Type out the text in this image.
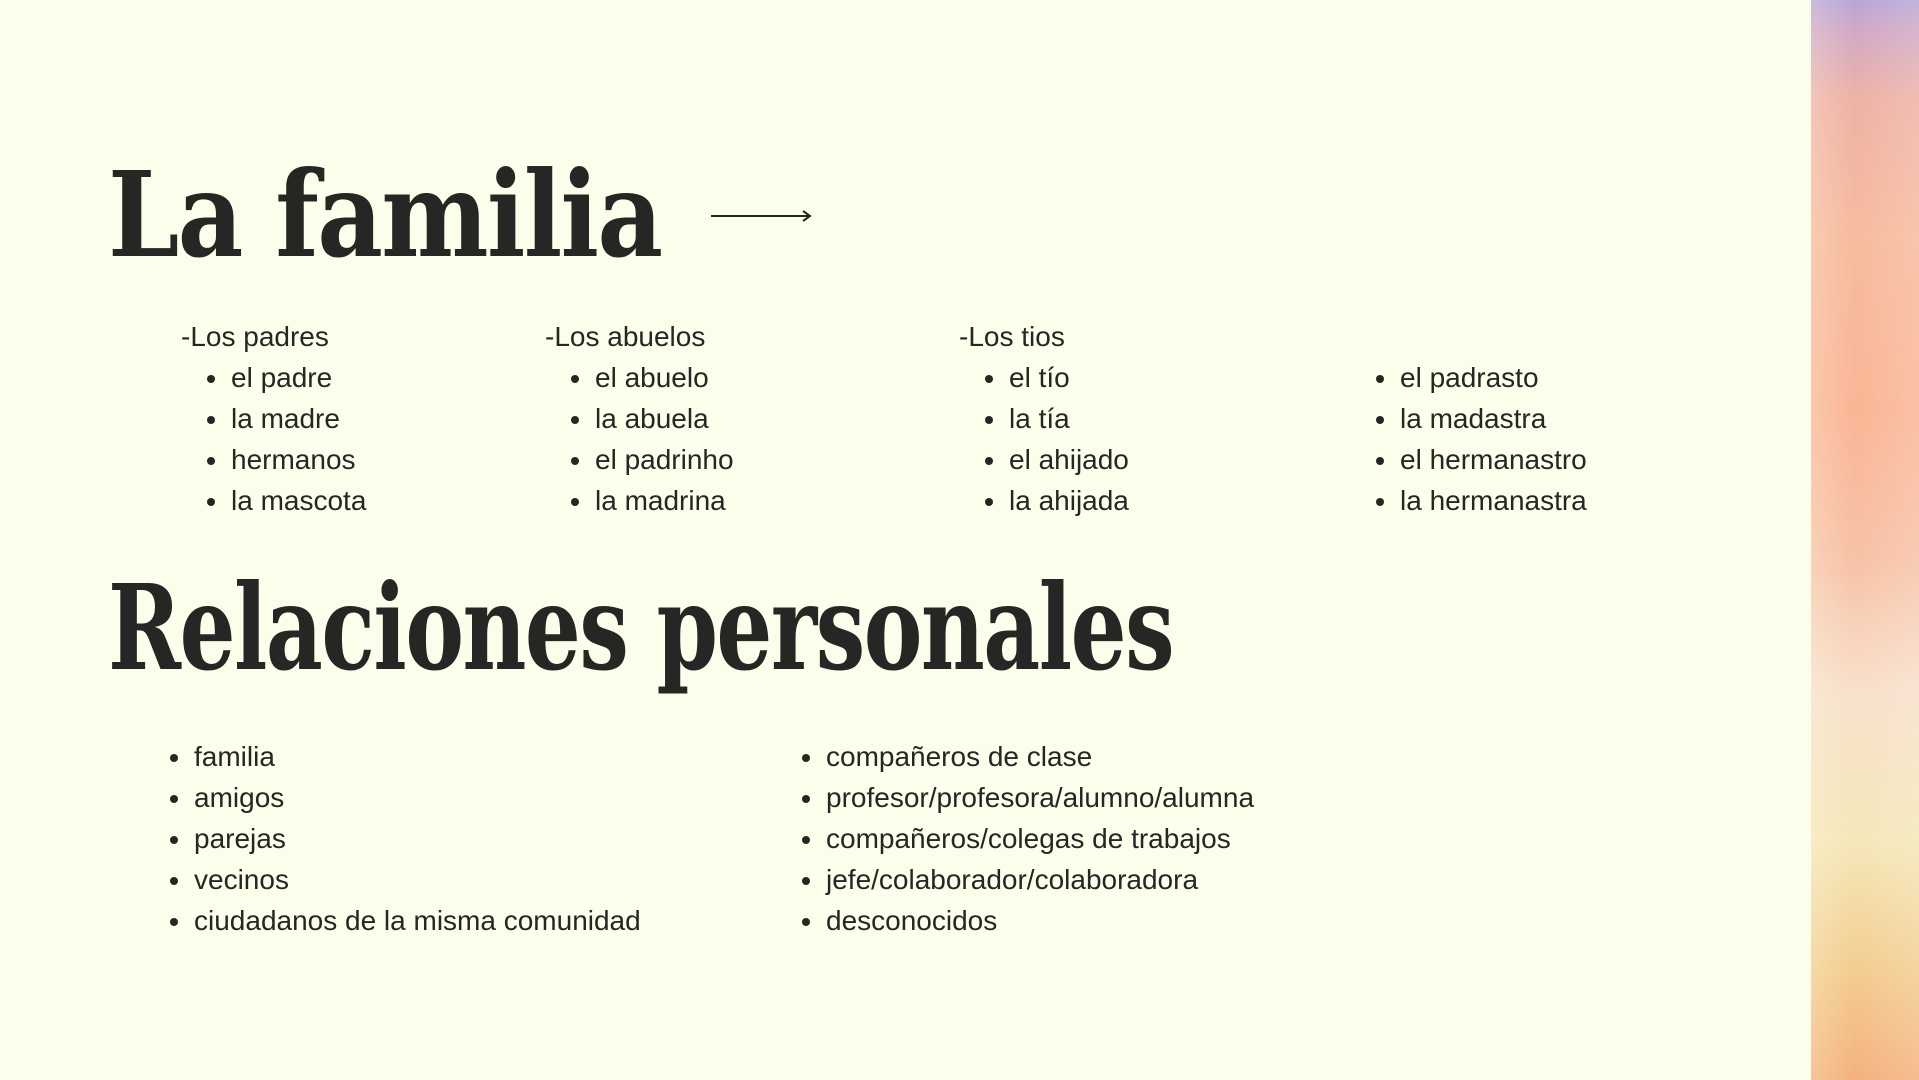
La familia
-Los padres
el padre
la madre
hermanos
la mascota
-Los abuelos
el abuelo
la abuela
el padrinho
la madrina
-Los tios
el tío
la tía
el ahijado
la ahijada
el padrasto
la madastra
el hermanastro
la hermanastra
Relaciones personales
familia
amigos
parejas
vecinos
ciudadanos de la misma comunidad
compañeros de clase
profesor/profesora/alumno/alumna
compañeros/colegas de trabajos
jefe/colaborador/colaboradora
desconocidos
